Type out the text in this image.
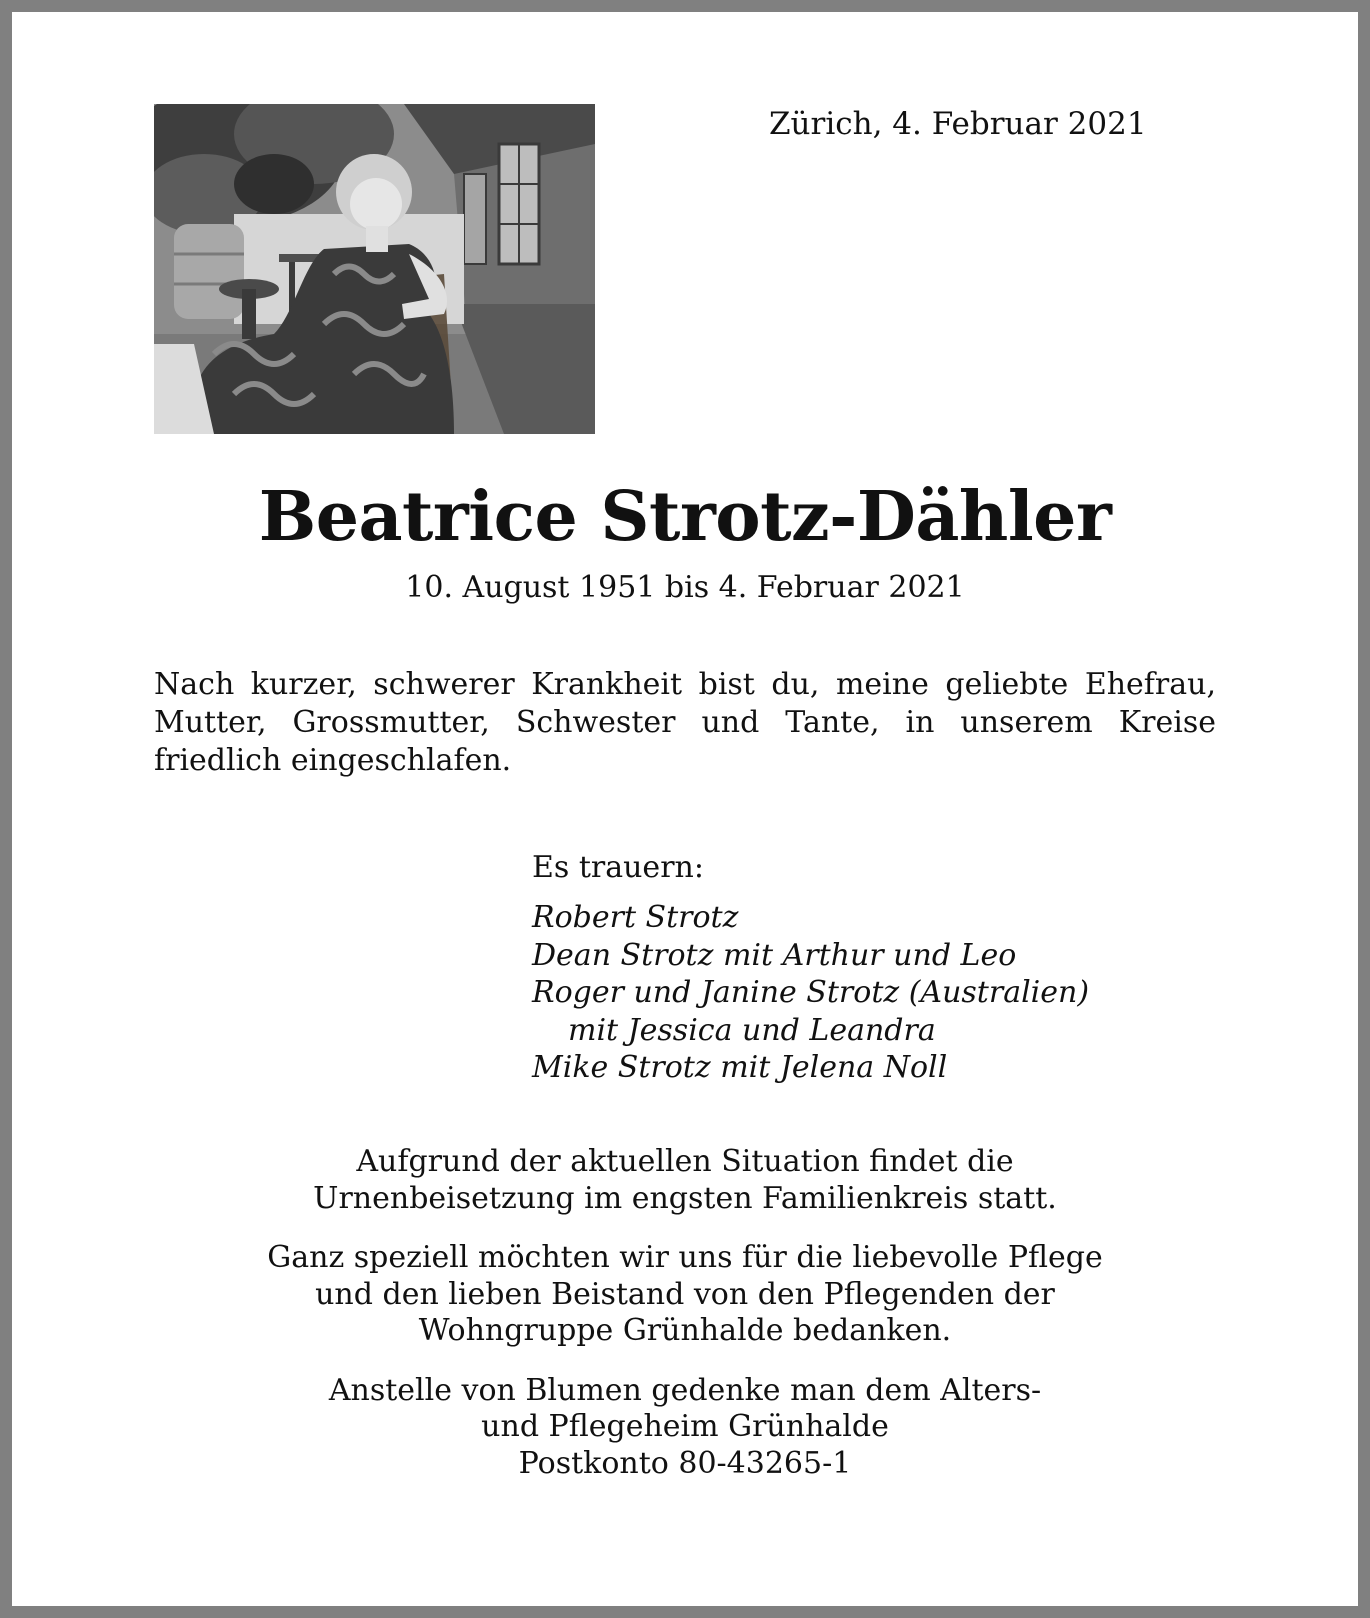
Zürich, 4. Februar 2021
Beatrice Strotz-Dähler
10. August 1951 bis 4. Februar 2021
Nach kurzer, schwerer Krankheit bist du, meine geliebte Ehefrau, Mutter, Grossmutter, Schwester und Tante, in unserem Kreise friedlich eingeschlafen.
Es trauern:
Robert Strotz
Dean Strotz mit Arthur und Leo
Roger und Janine Strotz (Australien)
mit Jessica und Leandra
Mike Strotz mit Jelena Noll

Aufgrund der aktuellen Situation findet die
Urnenbeisetzung im engsten Familienkreis statt.

Ganz speziell möchten wir uns für die liebevolle Pflege
und den lieben Beistand von den Pflegenden der
Wohngruppe Grünhalde bedanken.

Anstelle von Blumen gedenke man dem Alters-
und Pflegeheim Grünhalde
Postkonto 80-43265-1
